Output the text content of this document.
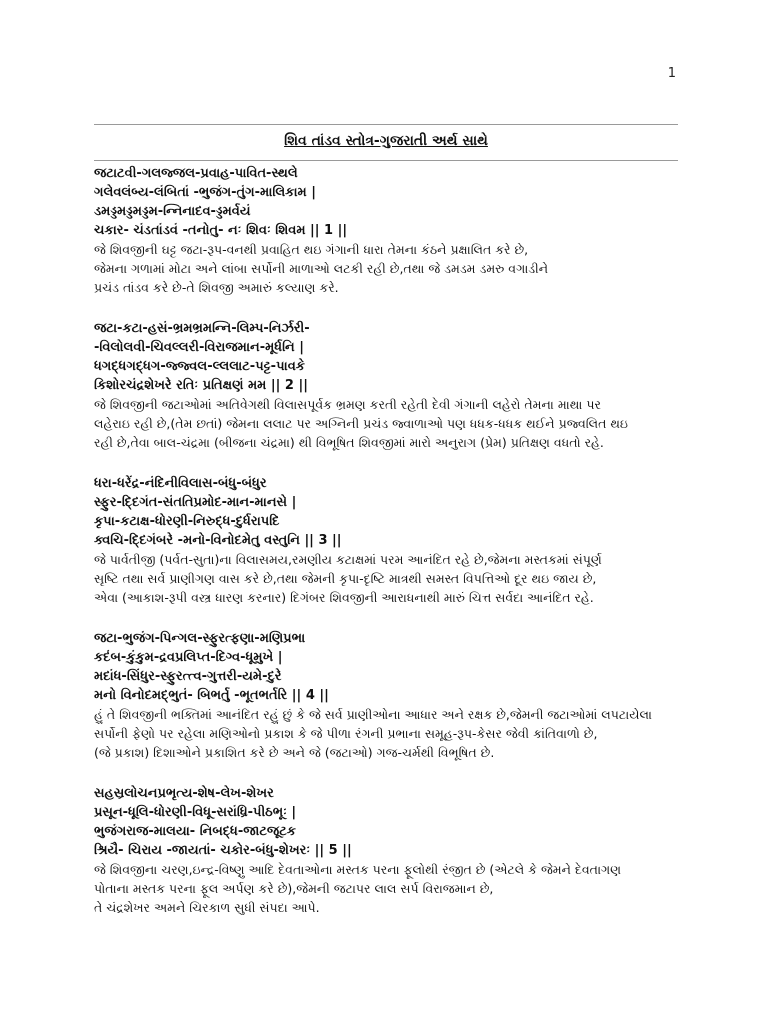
1
શિવ તાંડવ સ્તોત્ર-ગુજરાતી અર્થ સાથે
જટાટવી-ગલજ્જલ-પ્રવાહ-પાવિત-સ્થલે
ગલેવલંબ્ય-લંબિતાં -ભુજંગ-તુંગ-માલિકામ |
ડમડ્ડમડ્ડમડ્ડમ-ન્નિનાદવ-ડ્ડમર્વયં
ચકાર- ચંડતાંડવં -તનોતુ- નઃ શિવઃ શિવમ || 1 ||
જે શિવજીની ઘટ્ટ જટા-રૂપ-વનથી પ્રવાહિત થઇ ગંગાની ધારા તેમના કંઠને પ્રક્ષાલિત કરે છે,
જેમના ગળામાં મોટા અને લાંબા સર્પોની માળાઓ લટકી રહી છે,તથા જે ડમડમ ડમરુ વગાડીને
પ્રચંડ તાંડવ કરે છે-તે શિવજી અમારું કલ્યાણ કરે.
જટા-કટા-હસં-ભ્રમભ્રમન્નિ-લિમ્પ-નિર્ઝરી-
-વિલોલવી-ચિવલ્લરી-વિરાજમાન-મૂર્ધનિ |
ધગદ્ધગદ્ધગ-જ્જ્વલ-લ્લલાટ-પટ્ટ-પાવકે
કિશોરચંદ્રશેખરે રતિઃ પ્રતિક્ષણં મમ || 2 ||
જે શિવજીની જટાઓમાં અતિવેગથી વિલાસપૂર્વક ભ્રમણ કરતી રહેતી દેવી ગંગાની લહેરો તેમના માથા પર
લહેરાઇ રહી છે,(તેમ છતાં) જેમના લલાટ પર અગ્નિની પ્રચંડ જ્વાળાઓ પણ ધધક-ધધક થઈને પ્રજ્વલિત થઇ
રહી છે,તેવા બાલ-ચંદ્રમા (બીજના ચંદ્રમા) થી વિભૂષિત શિવજીમાં મારો અનુરાગ (પ્રેમ) પ્રતિક્ષણ વધતો રહે.
ધરા-ધરેંદ્ર-નંદિનીવિલાસ-બંધુ-બંધુર
સ્ફુર-દ્દિગંત-સંતતિપ્રમોદ-માન-માનસે |
કૃપા-કટાક્ષ-ધોરણી-નિરુદ્ધ-દુર્ધરાપદિ
ક્વચિ-દ્દિગંબરે -મનો-વિનોદમેતુ વસ્તુનિ || 3 ||
જે પાર્વતીજી (પર્વત-સુતા)ના વિલાસમય,રમણીય કટાક્ષમાં પરમ આનંદિત રહે છે,જેમના મસ્તકમાં સંપૂર્ણ
સૃષ્ટિ તથા સર્વ પ્રાણીગણ વાસ કરે છે,તથા જેમની કૃપા-દૃષ્ટિ માત્રથી સમસ્ત વિપત્તિઓ દૂર થઇ જાય છે,
એવા (આકાશ-રૂપી વસ્ત્ર ધારણ કરનાર) દિગંબર શિવજીની આરાધનાથી મારું ચિત્ત સર્વદા આનંદિત રહે.
જટા-ભુજંગ-પિન્ગલ-સ્ફુરત્ફણા-મણિપ્રભા
કદંબ-કુંકુમ-દ્રવપ્રલિપ્ત-દિગ્વ-ધૂમુખે |
મદાંધ-સિંધુર-સ્ફુરત્ત્વ-ગુત્તરી-યમે-દુરે
મનો વિનોદમદ્ભુતં- બિભર્તુ -ભૂતભર્તરિ || 4 ||
હું તે શિવજીની ભક્તિમાં આનંદિત રહું છું કે જે સર્વ પ્રાણીઓના આધાર અને રક્ષક છે,જેમની જટાઓમાં લપટાયેલા
સર્પોની ફેણો પર રહેલા મણિઓનો પ્રકાશ કે જે પીળા રંગની પ્રભાના સમૂહ-રૂપ-કેસર જેવી કાંતિવાળો છે,
(જે પ્રકાશ) દિશાઓને પ્રકાશિત કરે છે અને જે (જટાઓ) ગજ-ચર્મથી વિભૂષિત છે.
સહસ્રલોચનપ્રભૃત્ય-શેષ-લેખ-શેખર
પ્રસૂન-ધૂલિ-ધોરણી-વિધૂ-સરાંધ્રિ-પીઠભૂઃ |
ભુજંગરાજ-માલયા- નિબદ્ધ-જાટજૂટક
શ્રિયૈ- ચિરાય -જાયતાં- ચકોર-બંધુ-શેખરઃ || 5 ||
જે શિવજીના ચરણ,ઇન્દ્ર-વિષ્ણુ આદિ દેવતાઓના મસ્તક પરના ફૂલોથી રંજીત છે (એટલે કે જેમને દેવતાગણ
પોતાના મસ્તક પરના ફૂલ અર્પણ કરે છે),જેમની જટાપર લાલ સર્પ વિરાજમાન છે,
તે ચંદ્રશેખર અમને ચિરકાળ સુધી સંપદા આપે.
